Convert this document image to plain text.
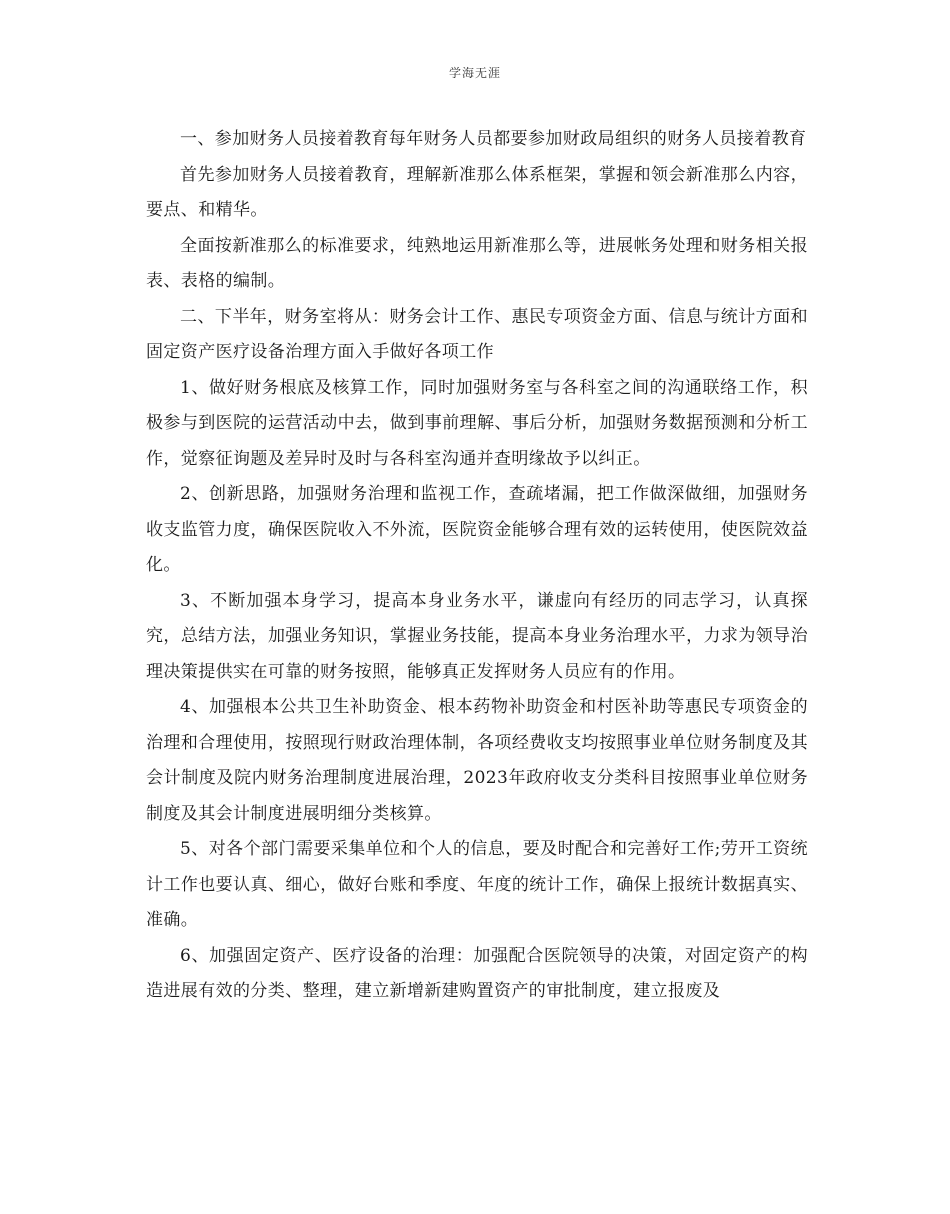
学海无涯

一、参加财务人员接着教育每年财务人员都要参加财政局组织的财务人员接着教育

首先参加财务人员接着教育，理解新准那么体系框架，掌握和领会新准那么内容，要点、和精华。

全面按新准那么的标准要求，纯熟地运用新准那么等，进展帐务处理和财务相关报表、表格的编制。

二、下半年，财务室将从：财务会计工作、惠民专项资金方面、信息与统计方面和固定资产医疗设备治理方面入手做好各项工作

1、做好财务根底及核算工作，同时加强财务室与各科室之间的沟通联络工作，积极参与到医院的运营活动中去，做到事前理解、事后分析，加强财务数据预测和分析工作，觉察征询题及差异时及时与各科室沟通并查明缘故予以纠正。

2、创新思路，加强财务治理和监视工作，查疏堵漏，把工作做深做细，加强财务收支监管力度，确保医院收入不外流，医院资金能够合理有效的运转使用，使医院效益化。

3、不断加强本身学习，提高本身业务水平，谦虚向有经历的同志学习，认真探究，总结方法，加强业务知识，掌握业务技能，提高本身业务治理水平，力求为领导治理决策提供实在可靠的财务按照，能够真正发挥财务人员应有的作用。

4、加强根本公共卫生补助资金、根本药物补助资金和村医补助等惠民专项资金的治理和合理使用，按照现行财政治理体制，各项经费收支均按照事业单位财务制度及其会计制度及院内财务治理制度进展治理，2023年政府收支分类科目按照事业单位财务制度及其会计制度进展明细分类核算。

5、对各个部门需要采集单位和个人的信息，要及时配合和完善好工作;劳开工资统计工作也要认真、细心，做好台账和季度、年度的统计工作，确保上报统计数据真实、准确。

6、加强固定资产、医疗设备的治理：加强配合医院领导的决策，对固定资产的构造进展有效的分类、整理，建立新增新建购置资产的审批制度，建立报废及
